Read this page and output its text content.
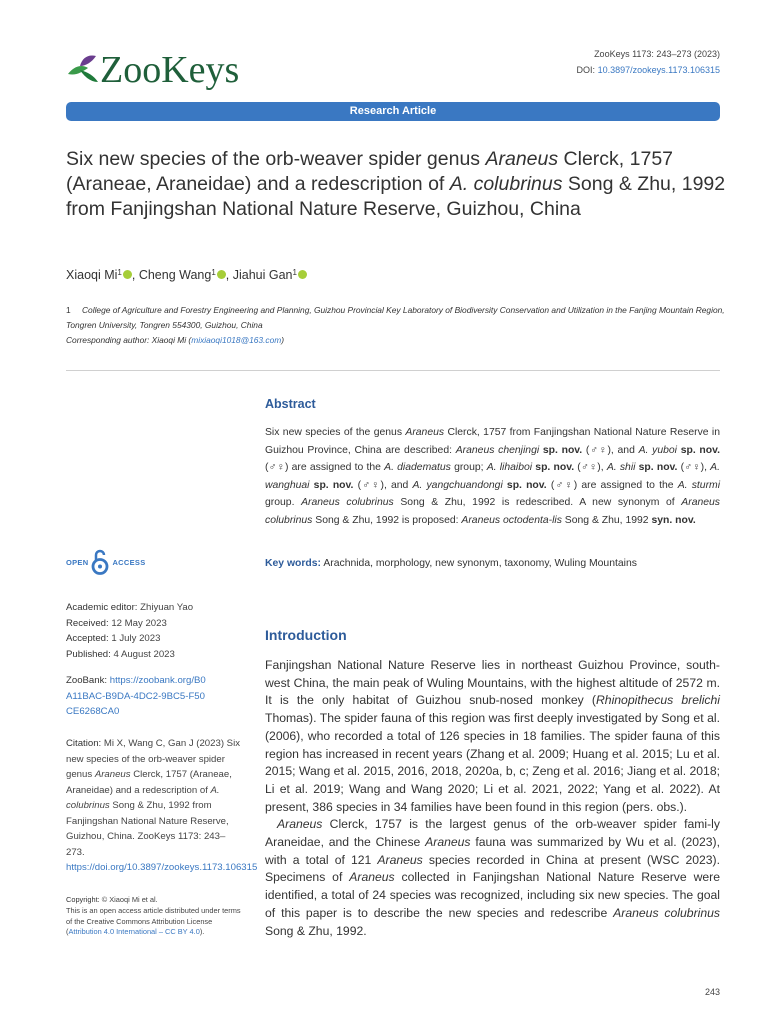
ZooKeys	ZooKeys 1173: 243–273 (2023)
DOI: 10.3897/zookeys.1173.106315
Research Article
Six new species of the orb-weaver spider genus Araneus Clerck, 1757 (Araneae, Araneidae) and a redescription of A. colubrinus Song & Zhu, 1992 from Fanjingshan National Nature Reserve, Guizhou, China
Xiaoqi Mi$^1$ , Cheng Wang$^1$ , Jiahui Gan$^1$
1 College of Agriculture and Forestry Engineering and Planning, Guizhou Provincial Key Laboratory of Biodiversity Conservation and Utilization in the Fanjing Mountain Region, Tongren University, Tongren 554300, Guizhou, China
Corresponding author: Xiaoqi Mi (mixiaoqi1018@163.com)
Abstract
Six new species of the genus Araneus Clerck, 1757 from Fanjingshan National Nature Reserve in Guizhou Province, China are described: Araneus chenjingi sp. nov. (♂♀), and A. yuboi sp. nov. (♂♀) are assigned to the A. diadematus group; A. lihaiboi sp. nov. (♂♀), A. shii sp. nov. (♂♀), A. wanghuai sp. nov. (♂♀), and A. yangchuandongi sp. nov. (♂♀) are assigned to the A. sturmi group. Araneus colubrinus Song & Zhu, 1992 is redescribed. A new synonym of Araneus colubrinus Song & Zhu, 1992 is proposed: Araneus octodenta-lis Song & Zhu, 1992 syn. nov.
Key words: Arachnida, morphology, new synonym, taxonomy, Wuling Mountains
OPEN	ACCESS
Academic editor: Zhiyuan Yao
Received: 12 May 2023
Accepted: 1 July 2023
Published: 4 August 2023
ZooBank: https://zoobank.org/B0A11BAC-B9DA-4DC2-9BC5-F50CE6268CA0
Citation: Mi X, Wang C, Gan J (2023) Six new species of the orb-weaver spider genus Araneus Clerck, 1757 (Araneae, Araneidae) and a redescription of A. colubrinus Song & Zhu, 1992 from Fanjingshan National Nature Reserve, Guizhou, China. ZooKeys 1173: 243–273. https://doi.org/10.3897/zookeys.1173.106315
Copyright: © Xiaoqi Mi et al.
This is an open access article distributed under terms of the Creative Commons Attribution License (Attribution 4.0 International – CC BY 4.0).
Introduction

Fanjingshan National Nature Reserve lies in northeast Guizhou Province, south-west China, the main peak of Wuling Mountains, with the highest altitude of 2572 m. It is the only habitat of Guizhou snub-nosed monkey (Rhinopithecus brelichi Thomas). The spider fauna of this region was first deeply investigated by Song et al. (2006), who recorded a total of 126 species in 18 families. The spider fauna of this region has increased in recent years (Zhang et al. 2009; Huang et al. 2015; Lu et al. 2015; Wang et al. 2015, 2016, 2018, 2020a, b, c; Zeng et al. 2016; Jiang et al. 2018; Li et al. 2019; Wang and Wang 2020; Li et al. 2021, 2022; Yang et al. 2022). At present, 386 species in 34 families have been found in this region (pers. obs.).

Araneus Clerck, 1757 is the largest genus of the orb-weaver spider fami-ly Araneidae, and the Chinese Araneus fauna was summarized by Wu et al. (2023), with a total of 121 Araneus species recorded in China at present (WSC 2023). Specimens of Araneus collected in Fanjingshan National Nature Reserve were identified, a total of 24 species was recognized, including six new species. The goal of this paper is to describe the new species and redescribe Araneus colubrinus Song & Zhu, 1992.

243
